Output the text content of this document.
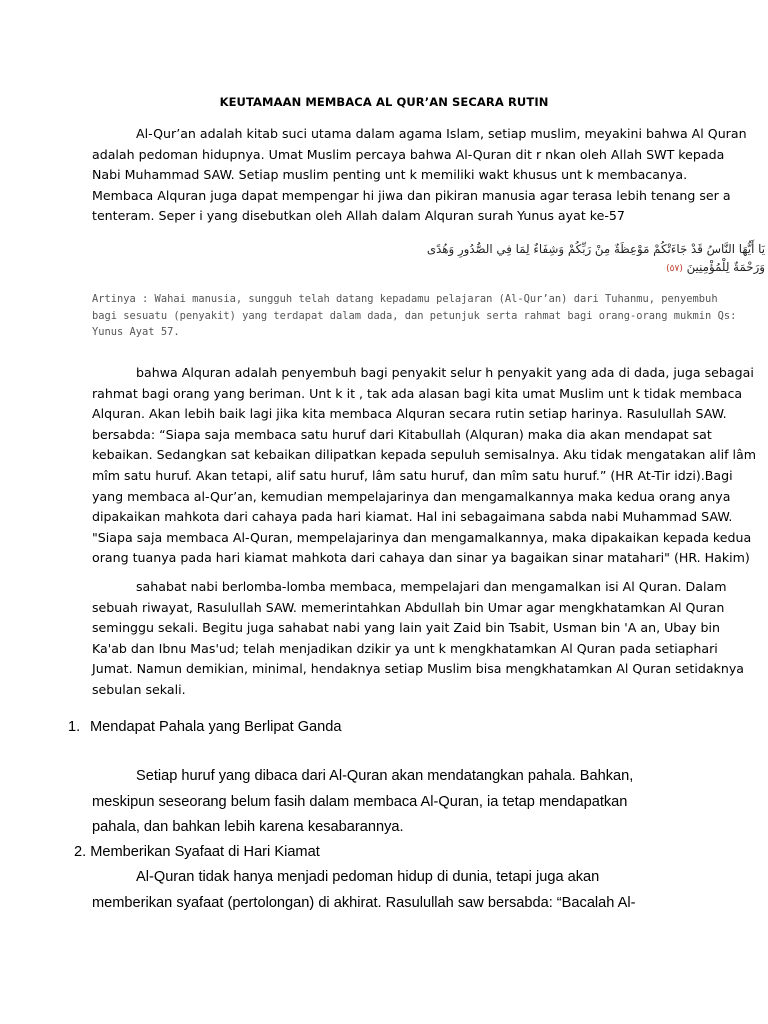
KEUTAMAAN MEMBACA AL QUR’AN SECARA RUTIN
Al-Qur’an adalah kitab suci utama dalam agama Islam, setiap muslim, meyakini bahwa Al Quran
adalah pedoman hidupnya. Umat Muslim percaya bahwa Al-Quran dit r nkan oleh Allah SWT kepada
Nabi Muhammad SAW. Setiap muslim penting unt k memiliki wakt khusus unt k membacanya.
Membaca Alquran juga dapat mempengar hi jiwa dan pikiran manusia agar terasa lebih tenang ser a
tenteram. Seper i yang disebutkan oleh Allah dalam Alquran surah Yunus ayat ke-57
يَا أَيُّهَا النَّاسُ قَدْ جَاءَتْكُمْ مَوْعِظَةٌ مِنْ رَبِّكُمْ وَشِفَاءٌ لِمَا فِي الصُّدُورِ وَهُدًى
وَرَحْمَةٌ لِلْمُؤْمِنِينَ (٥٧)
Artinya : Wahai manusia, sungguh telah datang kepadamu pelajaran (Al-Qur’an) dari Tuhanmu, penyembuh
bagi sesuatu (penyakit) yang terdapat dalam dada, dan petunjuk serta rahmat bagi orang-orang mukmin Qs:
Yunus Ayat 57.
bahwa Alquran adalah penyembuh bagi penyakit selur h penyakit yang ada di dada, juga sebagai
rahmat bagi orang yang beriman. Unt k it , tak ada alasan bagi kita umat Muslim unt k tidak membaca
Alquran. Akan lebih baik lagi jika kita membaca Alquran secara rutin setiap harinya. Rasulullah SAW.
bersabda: “Siapa saja membaca satu huruf dari Kitabullah (Alquran) maka dia akan mendapat sat
kebaikan. Sedangkan sat kebaikan dilipatkan kepada sepuluh semisalnya. Aku tidak mengatakan alif lâm
mîm satu huruf. Akan tetapi, alif satu huruf, lâm satu huruf, dan mîm satu huruf.” (HR At-Tir idzi).Bagi
yang membaca al-Qur’an, kemudian mempelajarinya dan mengamalkannya maka kedua orang anya
dipakaikan mahkota dari cahaya pada hari kiamat. Hal ini sebagaimana sabda nabi Muhammad SAW.
"Siapa saja membaca Al-Quran, mempelajarinya dan mengamalkannya, maka dipakaikan kepada kedua
orang tuanya pada hari kiamat mahkota dari cahaya dan sinar ya bagaikan sinar matahari" (HR. Hakim)
sahabat nabi berlomba-lomba membaca, mempelajari dan mengamalkan isi Al Quran. Dalam
sebuah riwayat, Rasulullah SAW. memerintahkan Abdullah bin Umar agar mengkhatamkan Al Quran
seminggu sekali. Begitu juga sahabat nabi yang lain yait Zaid bin Tsabit, Usman bin 'A an, Ubay bin
Ka'ab dan Ibnu Mas'ud; telah menjadikan dzikir ya unt k mengkhatamkan Al Quran pada setiaphari
Jumat. Namun demikian, minimal, hendaknya setiap Muslim bisa mengkhatamkan Al Quran setidaknya
sebulan sekali.
1. Mendapat Pahala yang Berlipat Ganda
Setiap huruf yang dibaca dari Al-Quran akan mendatangkan pahala. Bahkan,
meskipun seseorang belum fasih dalam membaca Al-Quran, ia tetap mendapatkan
pahala, dan bahkan lebih karena kesabarannya.
2. Memberikan Syafaat di Hari Kiamat
Al-Quran tidak hanya menjadi pedoman hidup di dunia, tetapi juga akan
memberikan syafaat (pertolongan) di akhirat. Rasulullah saw bersabda: “Bacalah Al-
